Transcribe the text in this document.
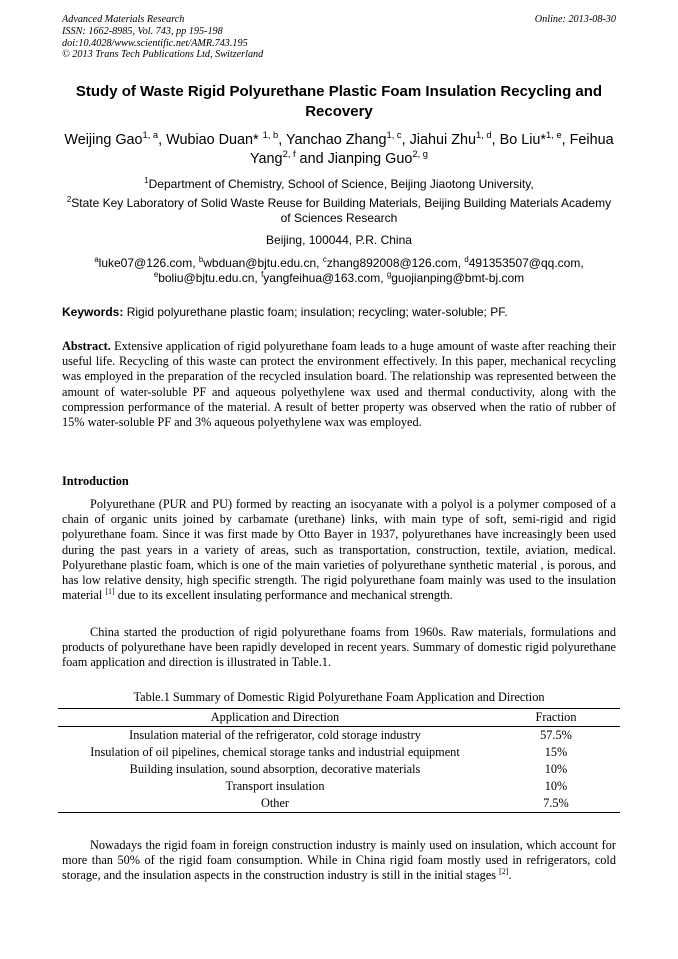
Advanced Materials Research
ISSN: 1662-8985, Vol. 743, pp 195-198
doi:10.4028/www.scientific.net/AMR.743.195
© 2013 Trans Tech Publications Ltd, Switzerland
Online: 2013-08-30
Study of Waste Rigid Polyurethane Plastic Foam Insulation Recycling and Recovery
Weijing Gao$^{1, a}$, Wubiao Duan* $^{1, b}$, Yanchao Zhang$^{1, c}$, Jiahui Zhu$^{1, d}$, Bo Liu*$^{1, e}$, Feihua Yang$^{2, f}$ and Jianping Guo$^{2, g}$
$^1$Department of Chemistry, School of Science, Beijing Jiaotong University,
$^2$State Key Laboratory of Solid Waste Reuse for Building Materials, Beijing Building Materials Academy of Sciences Research
Beijing, 100044, P.R. China
$^a$luke07@126.com, $^b$wbduan@bjtu.edu.cn, $^c$zhang892008@126.com, $^d$491353507@qq.com, $^e$boliu@bjtu.edu.cn, $^f$yangfeihua@163.com, $^g$guojianping@bmt-bj.com
Keywords: Rigid polyurethane plastic foam; insulation; recycling; water-soluble; PF.
Abstract. Extensive application of rigid polyurethane foam leads to a huge amount of waste after reaching their useful life. Recycling of this waste can protect the environment effectively. In this paper, mechanical recycling was employed in the preparation of the recycled insulation board. The relationship was represented between the amount of water-soluble PF and aqueous polyethylene wax used and thermal conductivity, along with the compression performance of the material. A result of better property was observed when the ratio of rubber of 15% water-soluble PF and 3% aqueous polyethylene wax was employed.
Introduction

Polyurethane (PUR and PU) formed by reacting an isocyanate with a polyol is a polymer composed of a chain of organic units joined by carbamate (urethane) links, with main type of soft, semi-rigid and rigid polyurethane foam. Since it was first made by Otto Bayer in 1937, polyurethanes have increasingly been used during the past years in a variety of areas, such as transportation, construction, textile, aviation, medical. Polyurethane plastic foam, which is one of the main varieties of polyurethane synthetic material , is porous, and has low relative density, high specific strength. The rigid polyurethane foam mainly was used to the insulation material [1] due to its excellent insulating performance and mechanical strength.

China started the production of rigid polyurethane foams from 1960s. Raw materials, formulations and products of polyurethane have been rapidly developed in recent years. Summary of domestic rigid polyurethane foam application and direction is illustrated in Table.1.

Table.1 Summary of Domestic Rigid Polyurethane Foam Application and Direction
Application and Direction	Fraction
Insulation material of the refrigerator, cold storage industry	57.5%
Insulation of oil pipelines, chemical storage tanks and industrial equipment	15%
Building insulation, sound absorption, decorative materials	10%
Transport insulation	10%
Other	7.5%

Nowadays the rigid foam in foreign construction industry is mainly used on insulation, which account for more than 50% of the rigid foam consumption. While in China rigid foam mostly used in refrigerators, cold storage, and the insulation aspects in the construction industry is still in the initial stages [2].
